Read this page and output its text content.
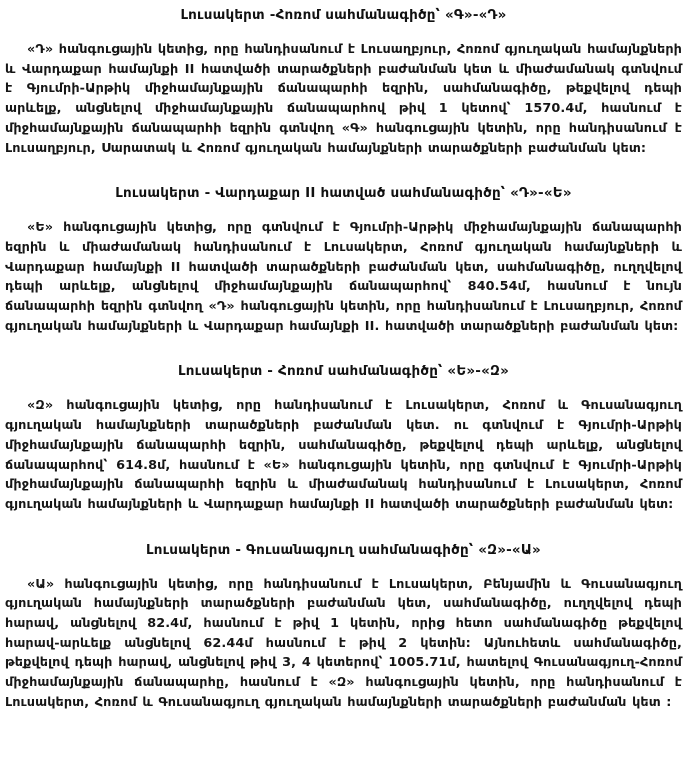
Լուսակերտ -Հոռոմ սահմանագիծը՝ «Գ»-«Դ»

«Դ» հանգուցային կետից, որը հանդիսանում է Լուսաղբյուր, Հոռոմ գյուղական համայնքների և Վարդաքար համայնքի II հատվածի տարածքների բաժանման կետ և միաժամանակ գտնվում է Գյումրի-Արթիկ միջհամայնքային ճանապարհի եզրին, սահմանագիծը, թեքվելով դեպի արևելք, անցնելով միջհամայնքային ճանապարհով թիվ 1 կետով՝ 1570.4մ, հասնում է միջհամայնքային ճանապարհի եզրին գտնվող «Գ» հանգուցային կետին, որը հանդիսանում է Լուսաղբյուր, Սարատակ և Հոռոմ գյուղական համայնքների տարածքների բաժանման կետ:

Լուսակերտ - Վարդաքար II հատված սահմանագիծը՝ «Դ»-«Ե»

«Ե» հանգուցային կետից, որը գտնվում է Գյումրի-Արթիկ միջհամայնքային ճանապարհի եզրին և միաժամանակ հանդիսանում է Լուսակերտ, Հոռոմ գյուղական համայնքների և Վարդաքար համայնքի II հատվածի տարածքների բաժանման կետ, սահմանագիծը, ուղղվելով դեպի արևելք, անցնելով միջհամայնքային ճանապարհով՝ 840.54մ, հասնում է նույն ճանապարհի եզրին գտնվող «Դ» հանգուցային կետին, որը հանդիսանում է Լուսաղբյուր, Հոռոմ գյուղական համայնքների և Վարդաքար համայնքի II. հատվածի տարածքների բաժանման կետ:

Լուսակերտ - Հոռոմ սահմանագիծը՝ «Ե»-«Զ»

«Զ» հանգուցային կետից, որը հանդիսանում է Լուսակերտ, Հոռոմ և Գուսանագյուղ գյուղական համայնքների տարածքների բաժանման կետ. ու գտնվում է Գյումրի-Արթիկ միջհամայնքային ճանապարհի եզրին, սահմանագիծը, թեքվելով դեպի արևելք, անցնելով ճանապարհով՝ 614.8մ, հասնում է «Ե» հանգուցային կետին, որը գտնվում է Գյումրի-Արթիկ միջհամայնքային ճանապարհի եզրին և միաժամանակ հանդիսանում է Լուսակերտ, Հոռոմ գյուղական համայնքների և Վարդաքար համայնքի II հատվածի տարածքների բաժանման կետ:

Լուսակերտ - Գուսանագյուղ սահմանագիծը՝ «Զ»-«Ա»

«Ա» հանգուցային կետից, որը հանդիսանում է Լուսակերտ, Բենյամին և Գուսանագյուղ գյուղական համայնքների տարածքների բաժանման կետ, սահմանագիծը, ուղղվելով դեպի հարավ, անցնելով 82.4մ, հասնում է թիվ 1 կետին, որից հետո սահմանագիծը թեքվելով հարավ-արևելք անցնելով 62.44մ հասնում է թիվ 2 կետին: Այնուհետև սահմանագիծը, թեքվելով դեպի հարավ, անցնելով թիվ 3, 4 կետերով՝ 1005.71մ, հատելով Գուսանագյուղ-Հոռոմ միջհամայնքային ճանապարհը, հասնում է «Զ» հանգուցային կետին, որը հանդիսանում է Լուսակերտ, Հոռոմ և Գուսանագյուղ գյուղական համայնքների տարածքների բաժանման կետ :
